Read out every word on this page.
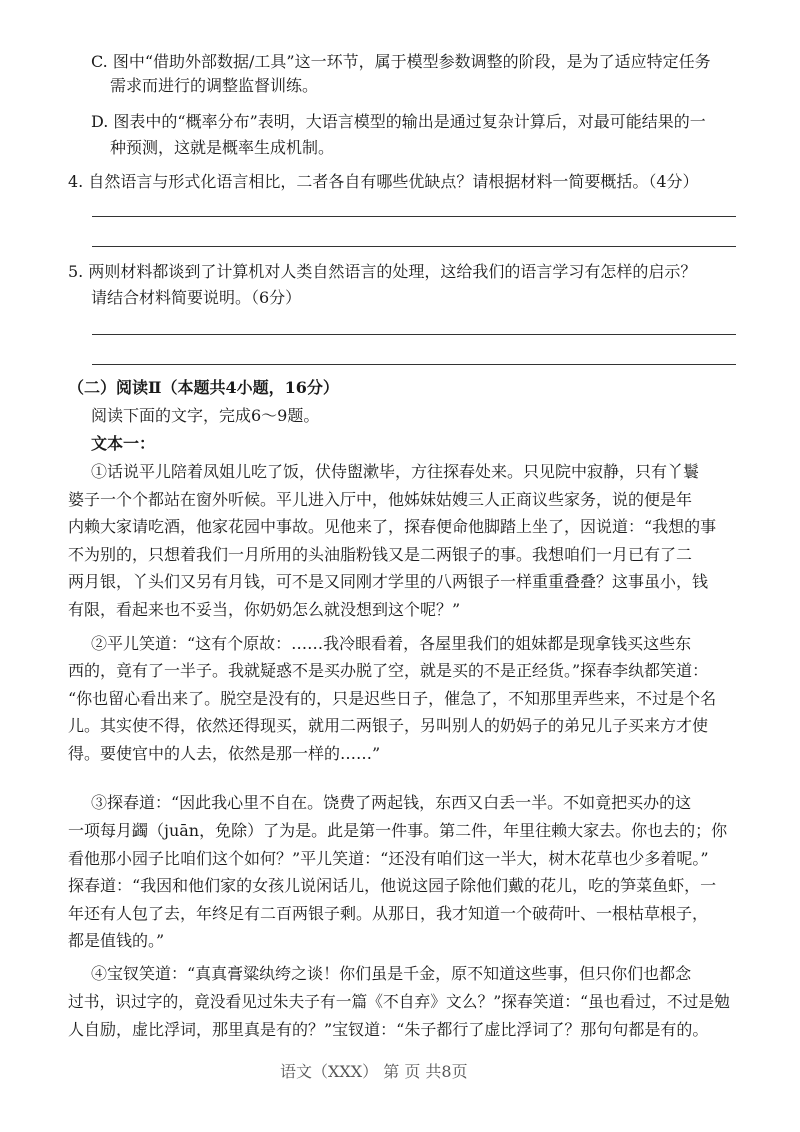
C. 图中“借助外部数据/工具”这一环节，属于模型参数调整的阶段，是为了适应特定任务
需求而进行的调整监督训练。
D. 图表中的“概率分布”表明，大语言模型的输出是通过复杂计算后，对最可能结果的一
种预测，这就是概率生成机制。
4. 自然语言与形式化语言相比，二者各自有哪些优缺点？请根据材料一简要概括。（4分）
5. 两则材料都谈到了计算机对人类自然语言的处理，这给我们的语言学习有怎样的启示？
请结合材料简要说明。（6分）
（二）阅读Ⅱ（本题共4小题，16分）
阅读下面的文字，完成6～9题。
文本一：
①话说平儿陪着凤姐儿吃了饭，伏侍盥漱毕，方往探春处来。只见院中寂静，只有丫鬟
婆子一个个都站在窗外听候。平儿进入厅中，他姊妹姑嫂三人正商议些家务，说的便是年
内赖大家请吃酒，他家花园中事故。见他来了，探春便命他脚踏上坐了，因说道：“我想的事
不为别的，只想着我们一月所用的头油脂粉钱又是二两银子的事。我想咱们一月已有了二
两月银，丫头们又另有月钱，可不是又同刚才学里的八两银子一样重重叠叠？这事虽小，钱
有限，看起来也不妥当，你奶奶怎么就没想到这个呢？”
②平儿笑道：“这有个原故：……我冷眼看着，各屋里我们的姐妹都是现拿钱买这些东
西的，竟有了一半子。我就疑惑不是买办脱了空，就是买的不是正经货。”探春李纨都笑道：
“你也留心看出来了。脱空是没有的，只是迟些日子，催急了，不知那里弄些来，不过是个名
儿。其实使不得，依然还得现买，就用二两银子，另叫别人的奶妈子的弟兄儿子买来方才使
得。要使官中的人去，依然是那一样的……”
③探春道：“因此我心里不自在。饶费了两起钱，东西又白丢一半。不如竟把买办的这
一项每月蠲（juān，免除）了为是。此是第一件事。第二件，年里往赖大家去。你也去的；你
看他那小园子比咱们这个如何？”平儿笑道：“还没有咱们这一半大，树木花草也少多着呢。”
探春道：“我因和他们家的女孩儿说闲话儿，他说这园子除他们戴的花儿，吃的笋菜鱼虾，一
年还有人包了去，年终足有二百两银子剩。从那日，我才知道一个破荷叶、一根枯草根子，
都是值钱的。”
④宝钗笑道：“真真膏粱纨绔之谈！你们虽是千金，原不知道这些事，但只你们也都念
过书，识过字的，竟没看见过朱夫子有一篇《不自弃》文么？”探春笑道：“虽也看过，不过是勉
人自励，虚比浮词，那里真是有的？”宝钗道：“朱子都行了虚比浮词了？那句句都是有的。
语文（XXX） 第 页 共8页
